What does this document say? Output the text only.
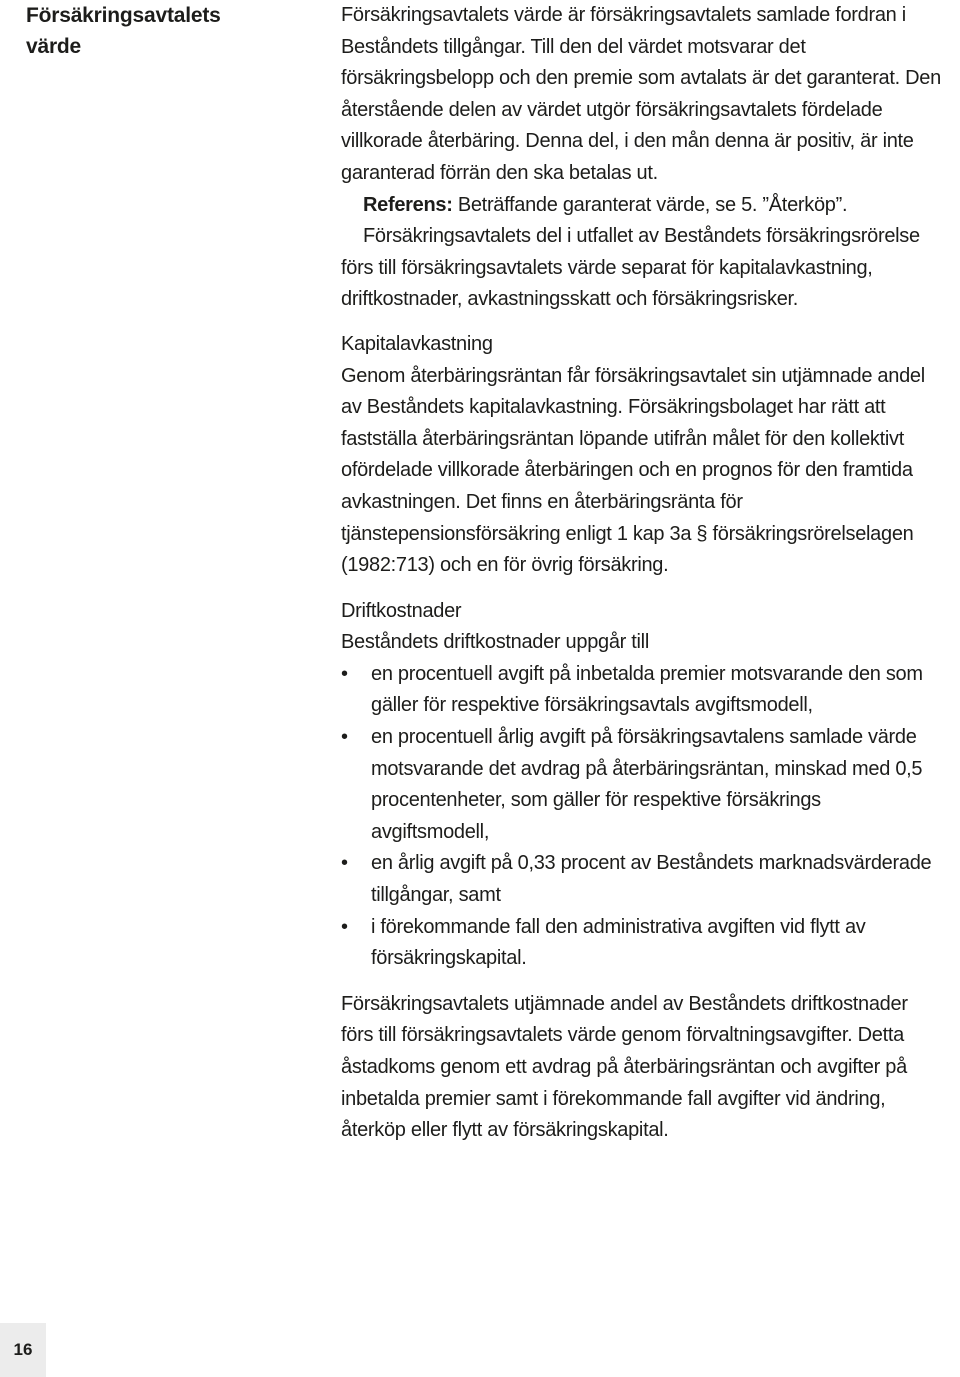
Försäkringsavtalets
värde

Försäkringsavtalets värde är försäkringsavtalets samlade fordran i Beståndets tillgångar. Till den del värdet motsvarar det försäkringsbelopp och den premie som avtalats är det garanterat. Den återstående delen av värdet utgör försäkringsavtalets fördelade villkorade återbäring. Denna del, i den mån denna är positiv, är inte garanterad förrän den ska betalas ut.

Referens: Beträffande garanterat värde, se 5. ”Återköp”.

Försäkringsavtalets del i utfallet av Beståndets försäkringsrörelse förs till försäkringsavtalets värde separat för kapitalavkastning, driftkostnader, avkastningsskatt och försäkringsrisker.

Kapitalavkastning

Genom återbäringsräntan får försäkringsavtalet sin utjämnade andel av Beståndets kapitalavkastning. Försäkringsbolaget har rätt att fastställa återbäringsräntan löpande utifrån målet för den kollektivt ofördelade villkorade återbäringen och en prognos för den framtida avkastningen. Det finns en återbäringsränta för tjänstepensionsförsäkring enligt 1 kap 3a § försäkringsrörelselagen (1982:713) och en för övrig försäkring.

Driftkostnader

Beståndets driftkostnader uppgår till

•	en procentuell avgift på inbetalda premier motsvarande den som gäller för respektive försäkringsavtals avgiftsmodell,
•	en procentuell årlig avgift på försäkringsavtalens samlade värde motsvarande det avdrag på återbäringsräntan, minskad med 0,5 procentenheter, som gäller för respektive försäkrings avgiftsmodell,
•	en årlig avgift på 0,33 procent av Beståndets marknadsvärderade tillgångar, samt
•	i förekommande fall den administrativa avgiften vid flytt av försäkringskapital.

Försäkringsavtalets utjämnade andel av Beståndets driftkostnader förs till försäkringsavtalets värde genom förvaltningsavgifter. Detta åstadkoms genom ett avdrag på återbäringsräntan och avgifter på inbetalda premier samt i förekommande fall avgifter vid ändring, återköp eller flytt av försäkringskapital.

16
